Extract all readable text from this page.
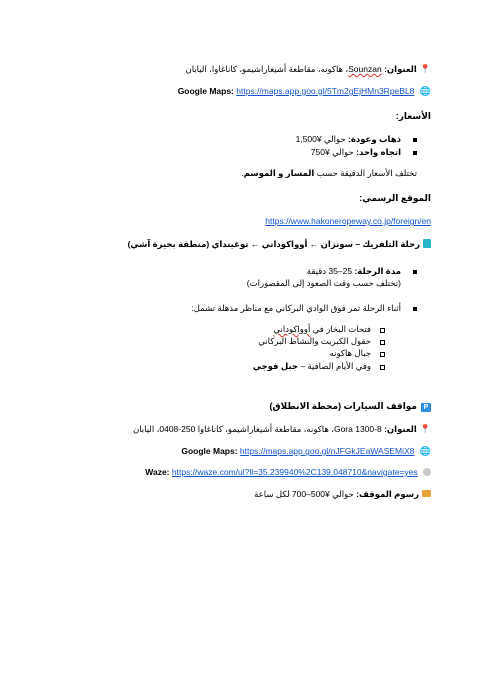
📍العنوان: Sounzan، هاكونه، مقاطعة أشيغاراشيمو، كاناغاوا، اليابان
🌐 Google Maps: https://maps.app.goo.gl/5Tm2gEjHMn3RpeBL8
الأسعار:
ذهاب وعودة: حوالي ¥1,500
اتجاه واحد: حوالي ¥750
تختلف الأسعار الدقيقة حسب المسار و الموسم.
الموقع الرسمي:
https://www.hakoneropeway.co.jp/foreign/en
رحلة التلفريك – سونزان ← أوواكوداني ← توغينداي (منطقة بحيرة آشي)
مدة الرحلة: 25–35 دقيقة
(تختلف حسب وقت الصعود إلى المقصورات)
أثناء الرحلة تمر فوق الوادي البركاني مع مناظر مذهلة تشمل:
فتحات البخار في أوواكوداني
حقول الكبريت والنشاط البركاني
جبال هاكونه
وفي الأيام الصافية – جبل فوجي
Pمواقف السيارات (محطة الانطلاق)
📍العنوان: Gora 1300-8، هاكونه، مقاطعة أشيغاراشيمو، كاناغاوا 250-0408، اليابان
🌐 Google Maps: https://maps.app.goo.gl/nJFGkJEaWASEMiX8
Waze: https://waze.com/ul?ll=35.239940%2C139.048710&navigate=yes
رسوم الموقف: حوالي ¥500–700 لكل ساعة
